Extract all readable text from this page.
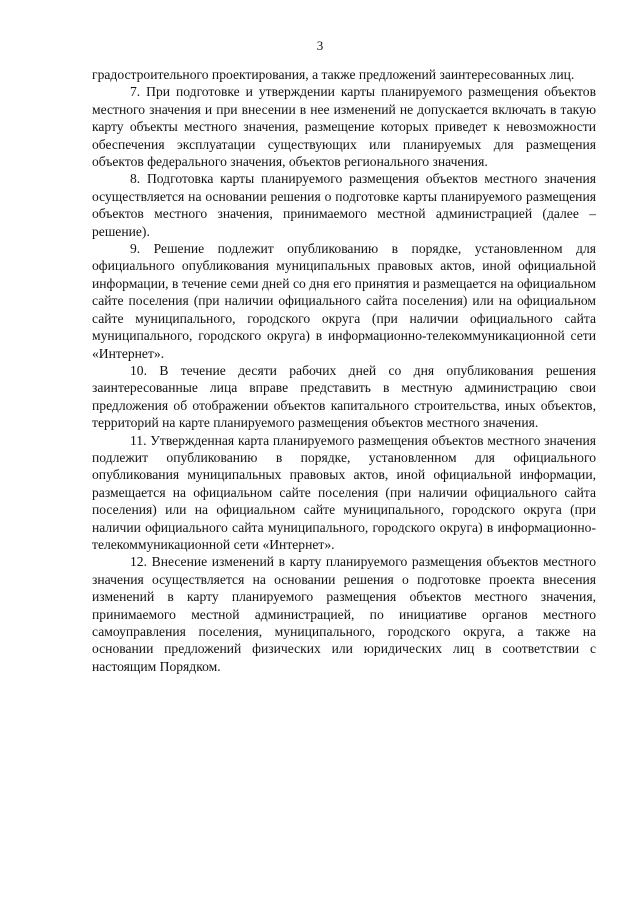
3

градостроительного проектирования, а также предложений заинтересованных лиц.

7. При подготовке и утверждении карты планируемого размещения объектов местного значения и при внесении в нее изменений не допускается включать в такую карту объекты местного значения, размещение которых приведет к невозможности обеспечения эксплуатации существующих или планируемых для размещения объектов федерального значения, объектов регионального значения.

8. Подготовка карты планируемого размещения объектов местного значения осуществляется на основании решения о подготовке карты планируемого размещения объектов местного значения, принимаемого местной администрацией (далее – решение).

9. Решение подлежит опубликованию в порядке, установленном для официального опубликования муниципальных правовых актов, иной официальной информации, в течение семи дней со дня его принятия и размещается на официальном сайте поселения (при наличии официального сайта поселения) или на официальном сайте муниципального, городского округа (при наличии официального сайта муниципального, городского округа) в информационно-телекоммуникационной сети «Интернет».

10. В течение десяти рабочих дней со дня опубликования решения заинтересованные лица вправе представить в местную администрацию свои предложения об отображении объектов капитального строительства, иных объектов, территорий на карте планируемого размещения объектов местного значения.

11. Утвержденная карта планируемого размещения объектов местного значения подлежит опубликованию в порядке, установленном для официального опубликования муниципальных правовых актов, иной официальной информации, размещается на официальном сайте поселения (при наличии официального сайта поселения) или на официальном сайте муниципального, городского округа (при наличии официального сайта муниципального, городского округа) в информационно-телекоммуникационной сети «Интернет».

12. Внесение изменений в карту планируемого размещения объектов местного значения осуществляется на основании решения о подготовке проекта внесения изменений в карту планируемого размещения объектов местного значения, принимаемого местной администрацией, по инициативе органов местного самоуправления поселения, муниципального, городского округа, а также на основании предложений физических или юридических лиц в соответствии с настоящим Порядком.
